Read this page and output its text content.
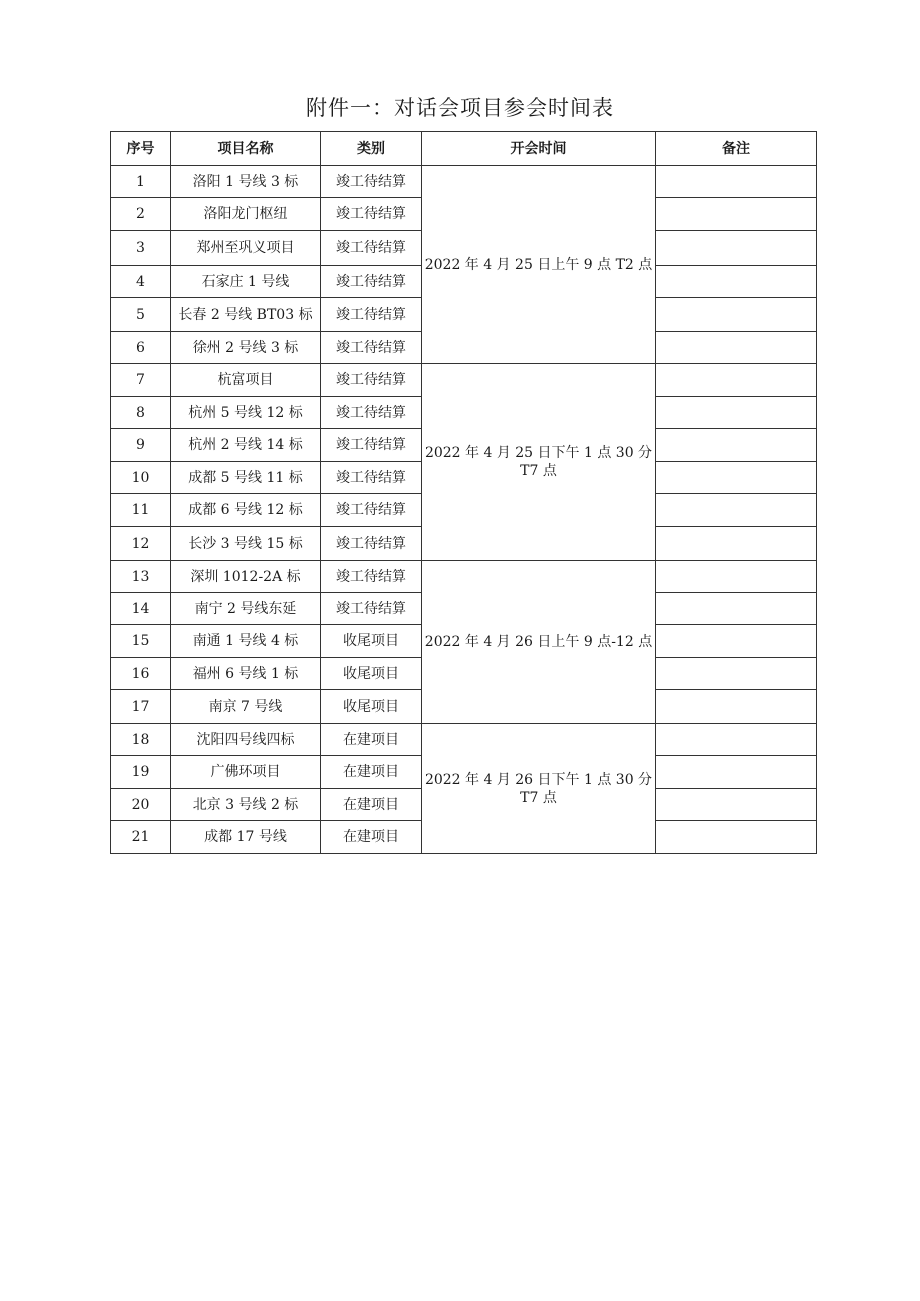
附件一：对话会项目参会时间表
序号	项目名称	类别	开会时间	备注
1	洛阳 1 号线 3 标	竣工待结算	2022 年 4 月 25 日上午 9 点 T2 点	
2	洛阳龙门枢纽	竣工待结算		
3	郑州至巩义项目	竣工待结算		
4	石家庄 1 号线	竣工待结算		
5	长春 2 号线 BT03 标	竣工待结算		
6	徐州 2 号线 3 标	竣工待结算		
7	杭富项目	竣工待结算	2022 年 4 月 25 日下午 1 点 30 分
T7 点	
8	杭州 5 号线 12 标	竣工待结算		
9	杭州 2 号线 14 标	竣工待结算		
10	成都 5 号线 11 标	竣工待结算		
11	成都 6 号线 12 标	竣工待结算		
12	长沙 3 号线 15 标	竣工待结算		
13	深圳 1012-2A 标	竣工待结算	2022 年 4 月 26 日上午 9 点-12 点	
14	南宁 2 号线东延	竣工待结算		
15	南通 1 号线 4 标	收尾项目		
16	福州 6 号线 1 标	收尾项目		
17	南京 7 号线	收尾项目		
18	沈阳四号线四标	在建项目	2022 年 4 月 26 日下午 1 点 30 分
T7 点	
19	广佛环项目	在建项目		
20	北京 3 号线 2 标	在建项目		
21	成都 17 号线	在建项目		
